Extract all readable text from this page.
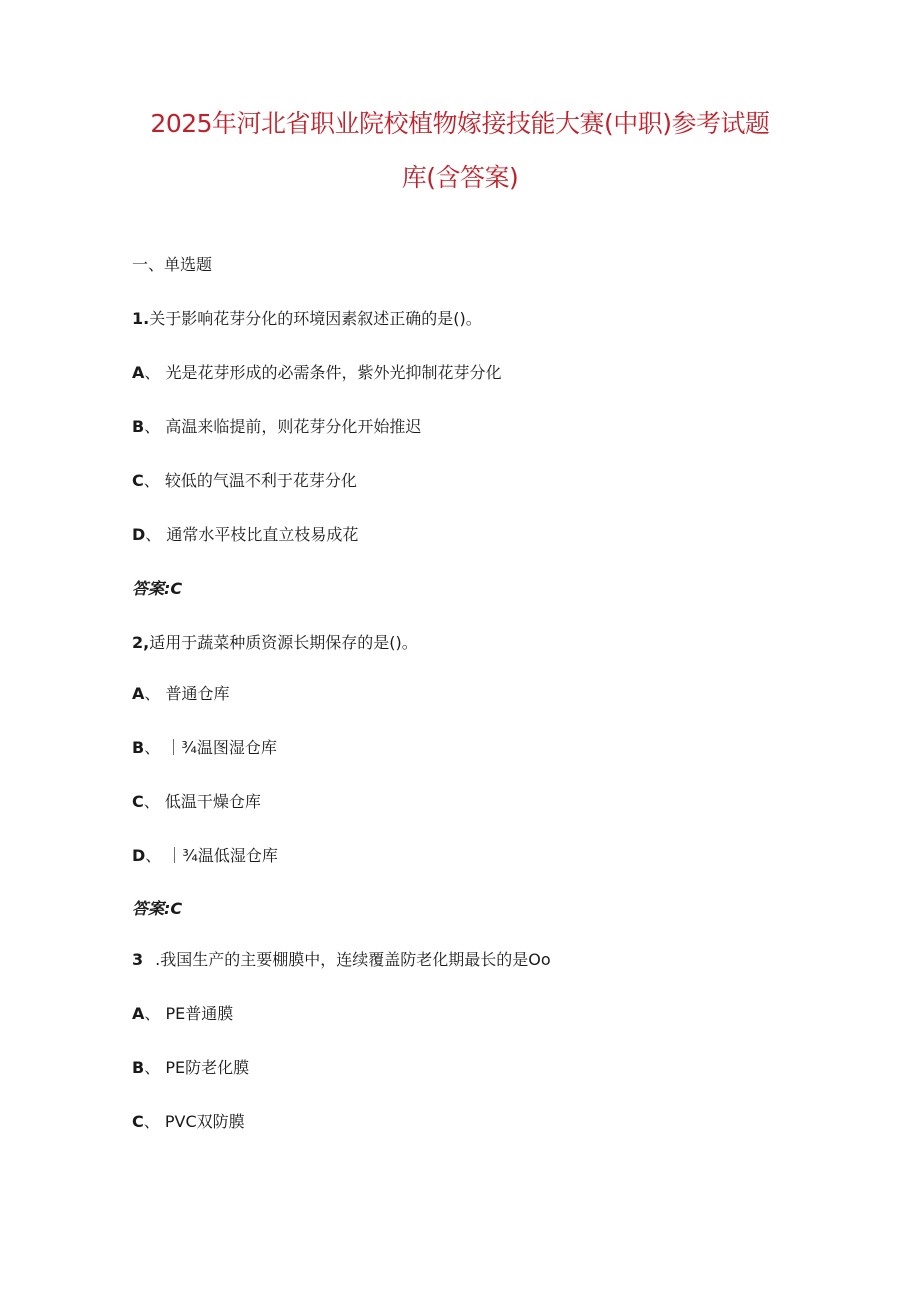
2025年河北省职业院校植物嫁接技能大赛(中职)参考试题
库(含答案)

一、单选题

1.关于影响花芽分化的环境因素叙述正确的是()。

A、 光是花芽形成的必需条件，紫外光抑制花芽分化

B、 高温来临提前，则花芽分化开始推迟

C、 较低的气温不利于花芽分化

D、 通常水平枝比直立枝易成花

答案:C

2,适用于蔬菜种质资源长期保存的是()。

A、 普通仓库

B、 ｜¾温图湿仓库

C、 低温干燥仓库

D、 ｜¾温低湿仓库

答案:C

3 .我国生产的主要棚膜中，连续覆盖防老化期最长的是Oo

A、 PE普通膜

B、 PE防老化膜

C、 PVC双防膜
